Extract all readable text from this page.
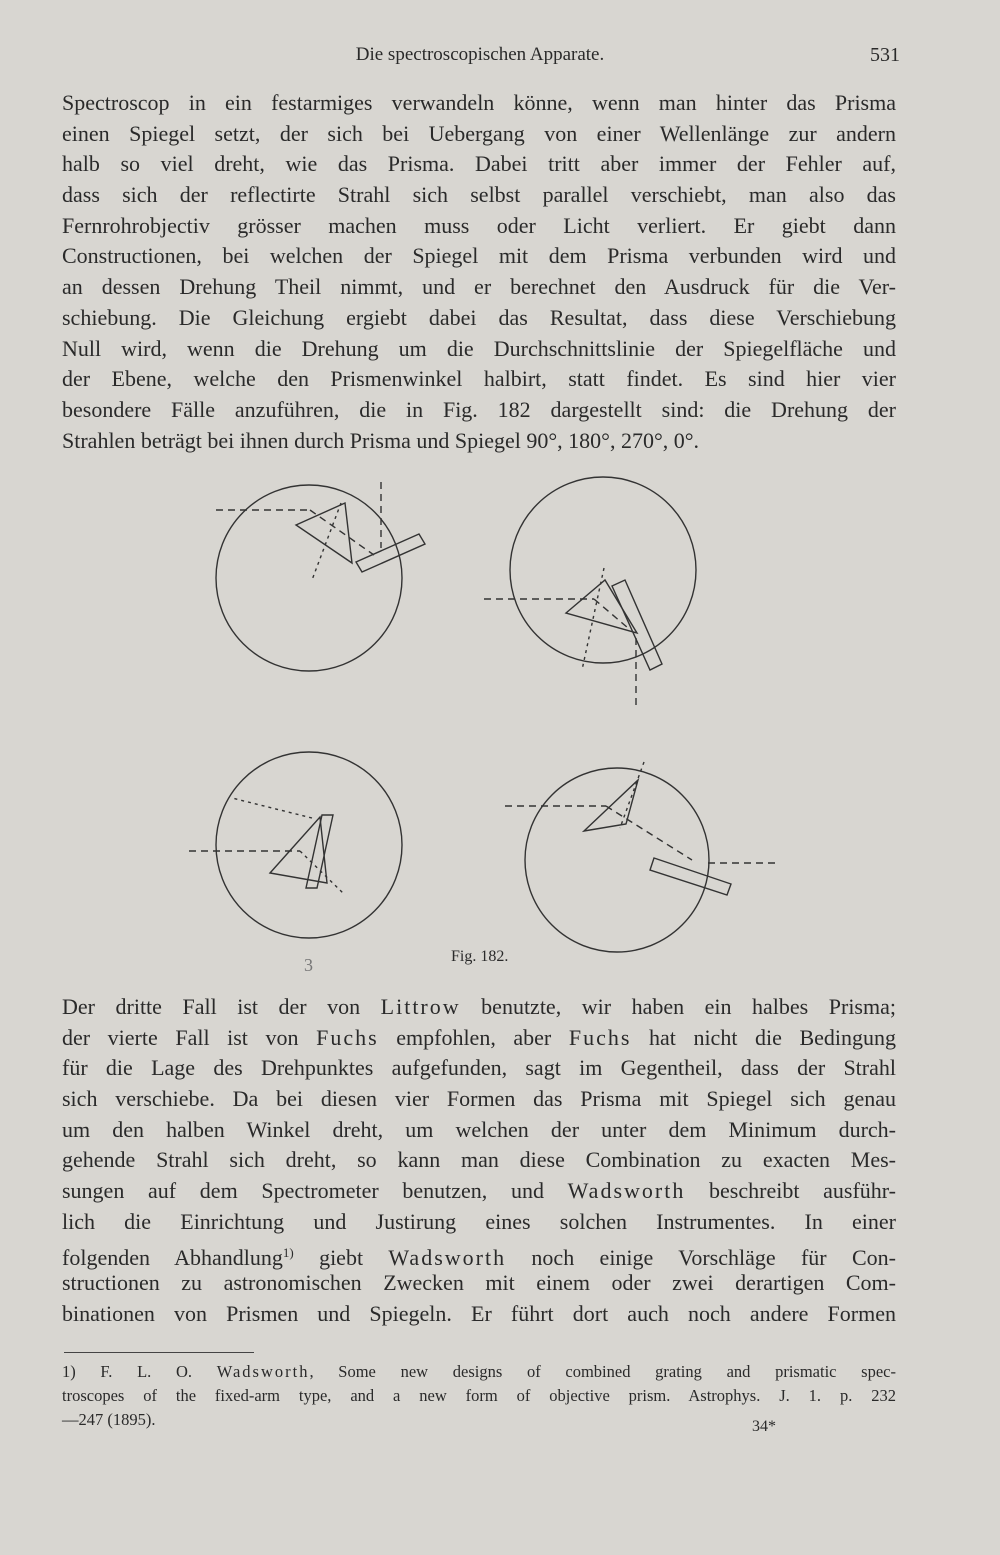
Die spectroscopischen Apparate.	531
Spectroscop in ein festarmiges verwandeln könne, wenn man hinter das Prisma
einen Spiegel setzt, der sich bei Uebergang von einer Wellenlänge zur andern
halb so viel dreht, wie das Prisma. Dabei tritt aber immer der Fehler auf,
dass sich der reflectirte Strahl sich selbst parallel verschiebt, man also das
Fernrohrobjectiv grösser machen muss oder Licht verliert. Er giebt dann
Constructionen, bei welchen der Spiegel mit dem Prisma verbunden wird und
an dessen Drehung Theil nimmt, und er berechnet den Ausdruck für die Ver-
schiebung. Die Gleichung ergiebt dabei das Resultat, dass diese Verschiebung
Null wird, wenn die Drehung um die Durchschnittslinie der Spiegelfläche und
der Ebene, welche den Prismenwinkel halbirt, statt findet. Es sind hier vier
besondere Fälle anzuführen, die in Fig. 182 dargestellt sind: die Drehung der
Strahlen beträgt bei ihnen durch Prisma und Spiegel 90°, 180°, 270°, 0°.
Fig. 182.
3
Der dritte Fall ist der von Littrow benutzte, wir haben ein halbes Prisma;
der vierte Fall ist von Fuchs empfohlen, aber Fuchs hat nicht die Bedingung
für die Lage des Drehpunktes aufgefunden, sagt im Gegentheil, dass der Strahl
sich verschiebe. Da bei diesen vier Formen das Prisma mit Spiegel sich genau
um den halben Winkel dreht, um welchen der unter dem Minimum durch-
gehende Strahl sich dreht, so kann man diese Combination zu exacten Mes-
sungen auf dem Spectrometer benutzen, und Wadsworth beschreibt ausführ-
lich die Einrichtung und Justirung eines solchen Instrumentes. In einer
folgenden Abhandlung$^{1)}$ giebt Wadsworth noch einige Vorschläge für Con-
structionen zu astronomischen Zwecken mit einem oder zwei derartigen Com-
binationen von Prismen und Spiegeln. Er führt dort auch noch andere Formen
1) F. L. O. Wadsworth, Some new designs of combined grating and prismatic spec-
troscopes of the fixed-arm type, and a new form of objective prism. Astrophys. J. 1. p. 232
—247 (1895).	34*
